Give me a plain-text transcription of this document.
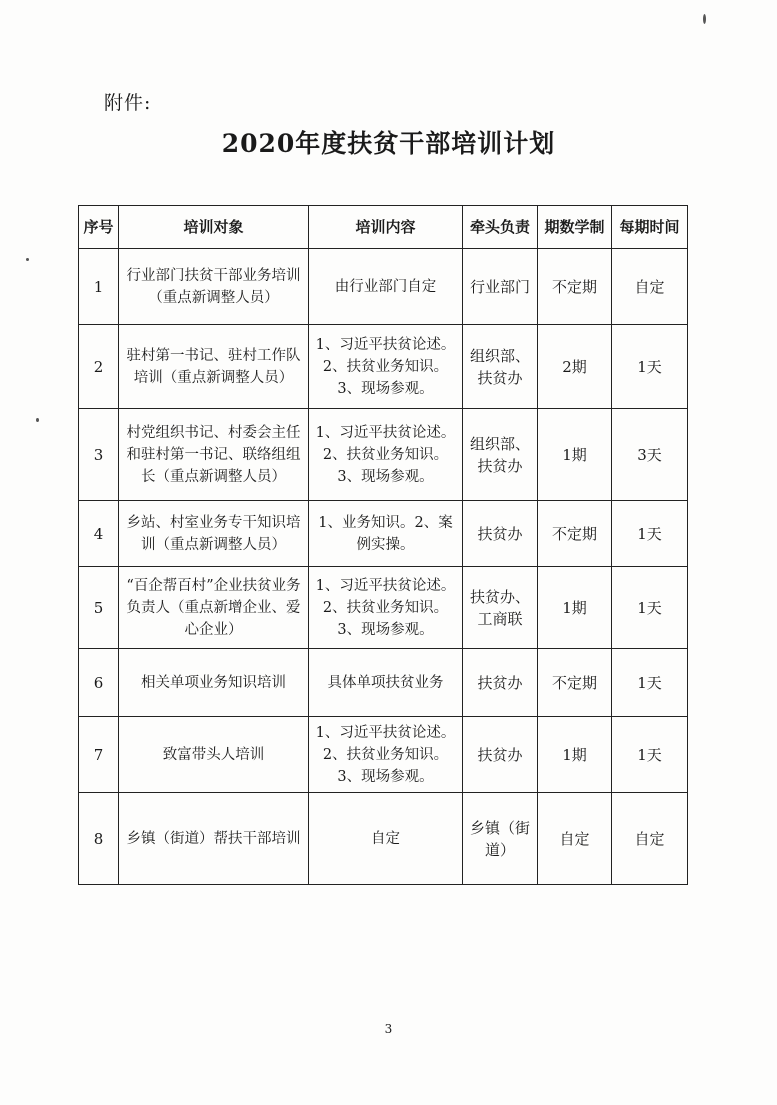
附件:
2020年度扶贫干部培训计划
序号	培训对象	培训内容	牵头负责	期数学制	每期时间
1	行业部门扶贫干部业务培训（重点新调整人员）	由行业部门自定	行业部门	不定期	自定
2	驻村第一书记、驻村工作队培训（重点新调整人员）	1、习近平扶贫论述。2、扶贫业务知识。3、现场参观。	组织部、扶贫办	2期	1天
3	村党组织书记、村委会主任和驻村第一书记、联络组组长（重点新调整人员）	1、习近平扶贫论述。2、扶贫业务知识。3、现场参观。	组织部、扶贫办	1期	3天
4	乡站、村室业务专干知识培训（重点新调整人员）	1、业务知识。2、案例实操。	扶贫办	不定期	1天
5	“百企帮百村”企业扶贫业务负责人（重点新增企业、爱心企业）	1、习近平扶贫论述。2、扶贫业务知识。3、现场参观。	扶贫办、工商联	1期	1天
6	相关单项业务知识培训	具体单项扶贫业务	扶贫办	不定期	1天
7	致富带头人培训	1、习近平扶贫论述。2、扶贫业务知识。3、现场参观。	扶贫办	1期	1天
8	乡镇（街道）帮扶干部培训	自定	乡镇（街道）	自定	自定
3
